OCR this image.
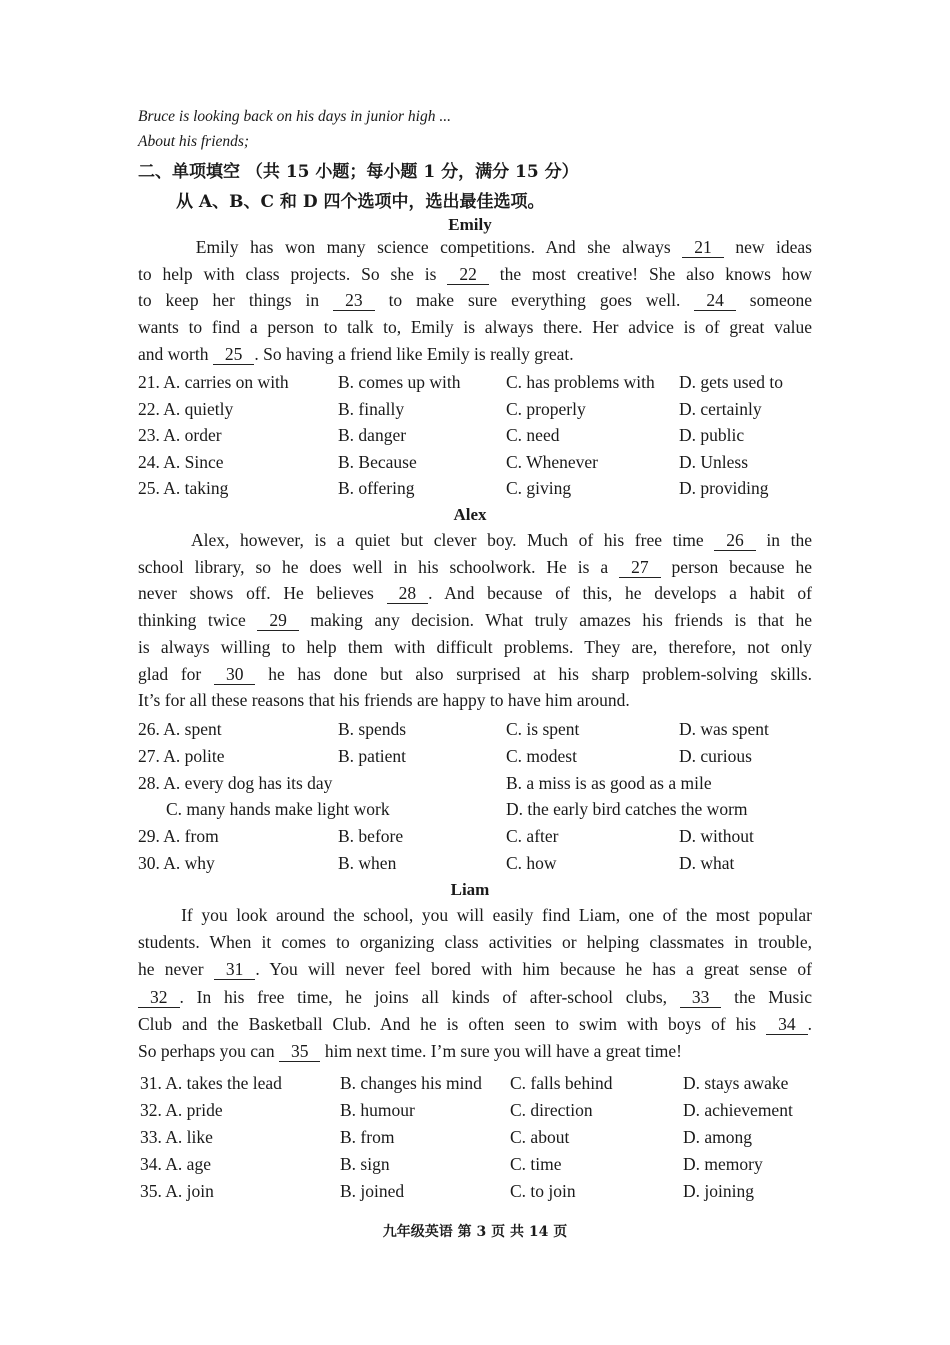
Bruce is looking back on his days in junior high ...
About his friends;
二、单项填空 （共 15 小题；每小题 1 分，满分 15 分）
从 A、B、C 和 D 四个选项中，选出最佳选项。
Emily
Emily has won many science competitions. And she always 21 new ideas
to help with class projects. So she is 22 the most creative! She also knows how
to keep her things in 23 to make sure everything goes well. 24 someone
wants to find a person to talk to, Emily is always there. Her advice is of great value
and worth 25 . So having a friend like Emily is really great.
21. A. carries on with	B. comes up with	C. has problems with D. gets used to
22. A. quietly	B. finally	C. properly	D. certainly
23. A. order	B. danger	C. need	D. public
24. A. Since	B. Because	C. Whenever	D. Unless
25. A. taking	B. offering	C. giving	D. providing
Alex
Alex, however, is a quiet but clever boy. Much of his free time 26 in the
school library, so he does well in his schoolwork. He is a 27 person because he
never shows off. He believes 28 . And because of this, he develops a habit of
thinking twice 29 making any decision. What truly amazes his friends is that he
is always willing to help them with difficult problems. They are, therefore, not only
glad for 30 he has done but also surprised at his sharp problem-solving skills.
It’s for all these reasons that his friends are happy to have him around.
26. A. spent	B. spends	C. is spent	D. was spent
27. A. polite	B. patient	C. modest	D. curious
28. A. every dog has its day	B. a miss is as good as a mile
C. many hands make light work	D. the early bird catches the worm
29. A. from	B. before	C. after	D. without
30. A. why	B. when	C. how	D. what
Liam
If you look around the school, you will easily find Liam, one of the most popular
students. When it comes to organizing class activities or helping classmates in trouble,
he never 31 . You will never feel bored with him because he has a great sense of
32 . In his free time, he joins all kinds of after-school clubs, 33 the Music
Club and the Basketball Club. And he is often seen to swim with boys of his 34 .
So perhaps you can 35 him next time. I’m sure you will have a great time!
31. A. takes the lead	B. changes his mind C. falls behind	D. stays awake
32. A. pride	B. humour	C. direction	D. achievement
33. A. like	B. from	C. about	D. among
34. A. age	B. sign	C. time	D. memory
35. A. join	B. joined	C. to join	D. joining
九年级英语 第 3 页 共 14 页
